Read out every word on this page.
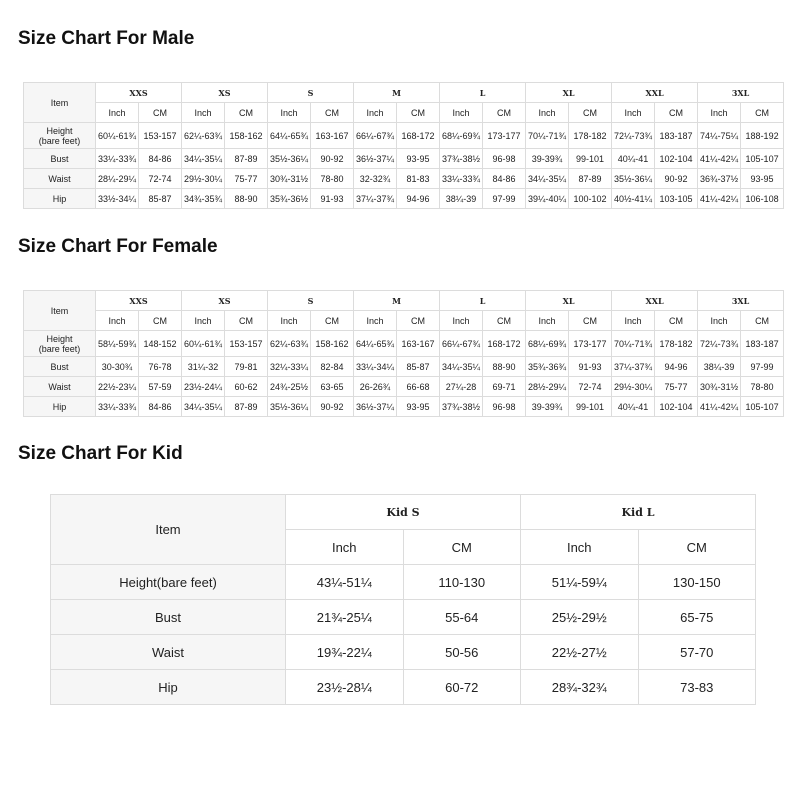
Size Chart For Male
Item	XXS		XS		S		M		L		XL		XXL		3XL	
	Inch	CM	Inch	CM	Inch	CM	Inch	CM	Inch	CM	Inch	CM	Inch	CM	Inch	CM
Height
(bare feet)	60¼-61¾	153-157	62¼-63¾	158-162	64¼-65¾	163-167	66¼-67¾	168-172	68¼-69¾	173-177	70¼-71¾	178-182	72¼-73¾	183-187	74¼-75¼	188-192
Bust	33¼-33¾	84-86	34¼-35¼	87-89	35½-36¼	90-92	36½-37¼	93-95	37¾-38½	96-98	39-39¾	99-101	40¼-41	102-104	41¼-42¼	105-107
Waist	28¼-29¼	72-74	29½-30¼	75-77	30¾-31½	78-80	32-32¾	81-83	33¼-33¾	84-86	34¼-35¼	87-89	35½-36¼	90-92	36¾-37½	93-95
Hip	33½-34¼	85-87	34¾-35¾	88-90	35¾-36½	91-93	37¼-37¾	94-96	38¼-39	97-99	39¼-40¼	100-102	40½-41¼	103-105	41¼-42¼	106-108
Size Chart For Female
Item	XXS		XS		S		M		L		XL		XXL		3XL	
	Inch	CM	Inch	CM	Inch	CM	Inch	CM	Inch	CM	Inch	CM	Inch	CM	Inch	CM
Height
(bare feet)	58¼-59¾	148-152	60¼-61¾	153-157	62¼-63¾	158-162	64¼-65¾	163-167	66¼-67¾	168-172	68¼-69¾	173-177	70¼-71¾	178-182	72¼-73¾	183-187
Bust	30-30¾	76-78	31¼-32	79-81	32¼-33¼	82-84	33¼-34¼	85-87	34¼-35¼	88-90	35¾-36¾	91-93	37¼-37¾	94-96	38¼-39	97-99
Waist	22½-23¼	57-59	23½-24¼	60-62	24¾-25½	63-65	26-26¾	66-68	27¼-28	69-71	28½-29¼	72-74	29½-30¼	75-77	30¾-31½	78-80
Hip	33¼-33¾	84-86	34¼-35¼	87-89	35½-36¼	90-92	36½-37¼	93-95	37¾-38½	96-98	39-39¾	99-101	40¼-41	102-104	41¼-42¼	105-107
Size Chart For Kid
Item	Kid S		Kid L	
	Inch	CM	Inch	CM
Height(bare feet)	43¼-51¼	110-130	51¼-59¼	130-150
Bust	21¾-25¼	55-64	25½-29½	65-75
Waist	19¾-22¼	50-56	22½-27½	57-70
Hip	23½-28¼	60-72	28¾-32¾	73-83
